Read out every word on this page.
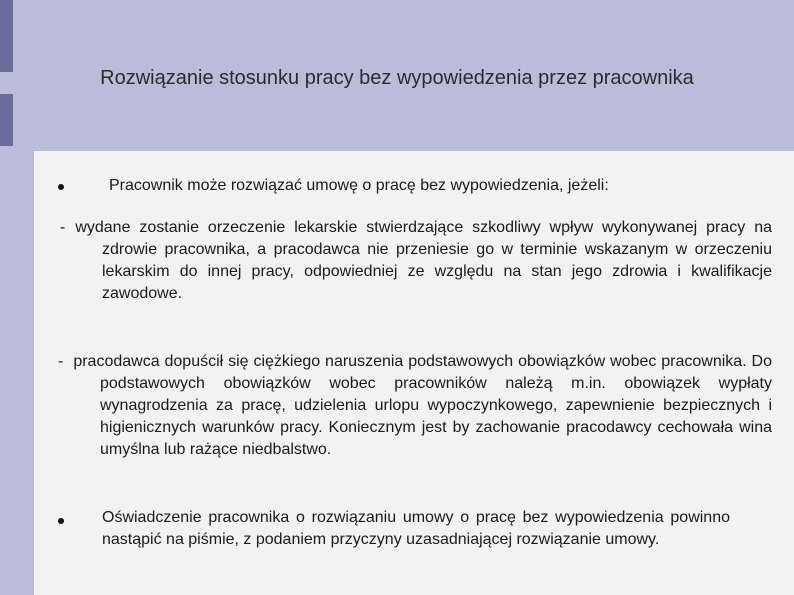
Rozwiązanie stosunku pracy bez wypowiedzenia przez pracownika
Pracownik może rozwiązać umowę o pracę bez wypowiedzenia, jeżeli:
- wydane zostanie orzeczenie lekarskie stwierdzające szkodliwy wpływ wykonywanej pracy na zdrowie pracownika, a pracodawca nie przeniesie go w terminie wskazanym w orzeczeniu lekarskim do innej pracy, odpowiedniej ze względu na stan jego zdrowia i kwalifikacje zawodowe.
- pracodawca dopuścił się ciężkiego naruszenia podstawowych obowiązków wobec pracownika. Do podstawowych obowiązków wobec pracowników należą m.in. obowiązek wypłaty wynagrodzenia za pracę, udzielenia urlopu wypoczynkowego, zapewnienie bezpiecznych i higienicznych warunków pracy. Koniecznym jest by zachowanie pracodawcy cechowała wina umyślna lub rażące niedbalstwo.
Oświadczenie pracownika o rozwiązaniu umowy o pracę bez wypowiedzenia powinno nastąpić na piśmie, z podaniem przyczyny uzasadniającej rozwiązanie umowy.
